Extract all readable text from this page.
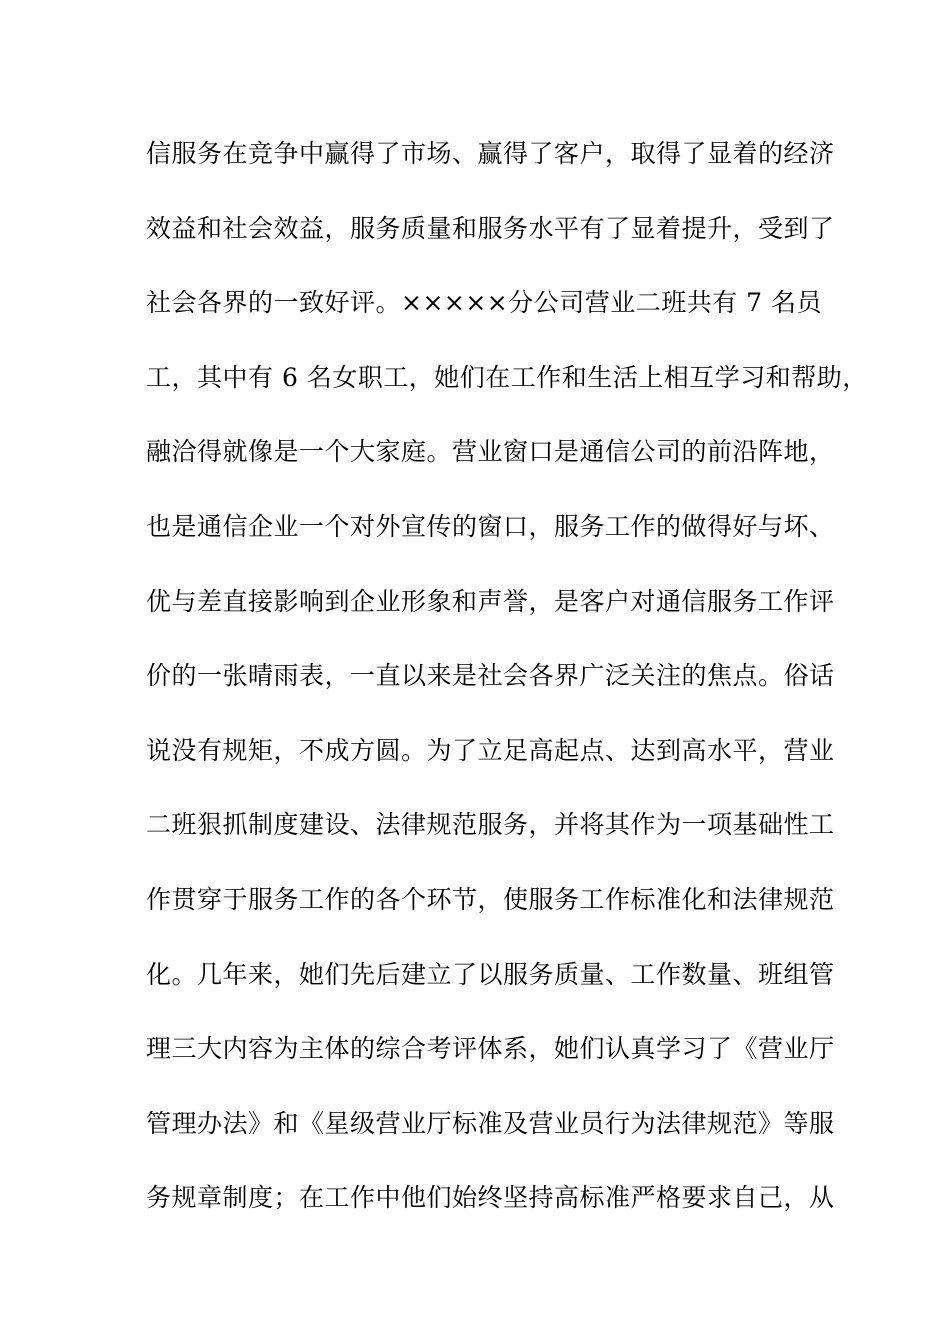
信服务在竞争中赢得了市场、赢得了客户，取得了显着的经济
效益和社会效益，服务质量和服务水平有了显着提升，受到了
社会各界的一致好评。×××××分公司营业二班共有 7 名员
工，其中有 6 名女职工，她们在工作和生活上相互学习和帮助，
融洽得就像是一个大家庭。营业窗口是通信公司的前沿阵地，
也是通信企业一个对外宣传的窗口，服务工作的做得好与坏、
优与差直接影响到企业形象和声誉，是客户对通信服务工作评
价的一张晴雨表，一直以来是社会各界广泛关注的焦点。俗话
说没有规矩，不成方圆。为了立足高起点、达到高水平，营业
二班狠抓制度建设、法律规范服务，并将其作为一项基础性工
作贯穿于服务工作的各个环节，使服务工作标准化和法律规范
化。几年来，她们先后建立了以服务质量、工作数量、班组管
理三大内容为主体的综合考评体系，她们认真学习了《营业厅
管理办法》和《星级营业厅标准及营业员行为法律规范》等服
务规章制度；在工作中他们始终坚持高标准严格要求自己，从
